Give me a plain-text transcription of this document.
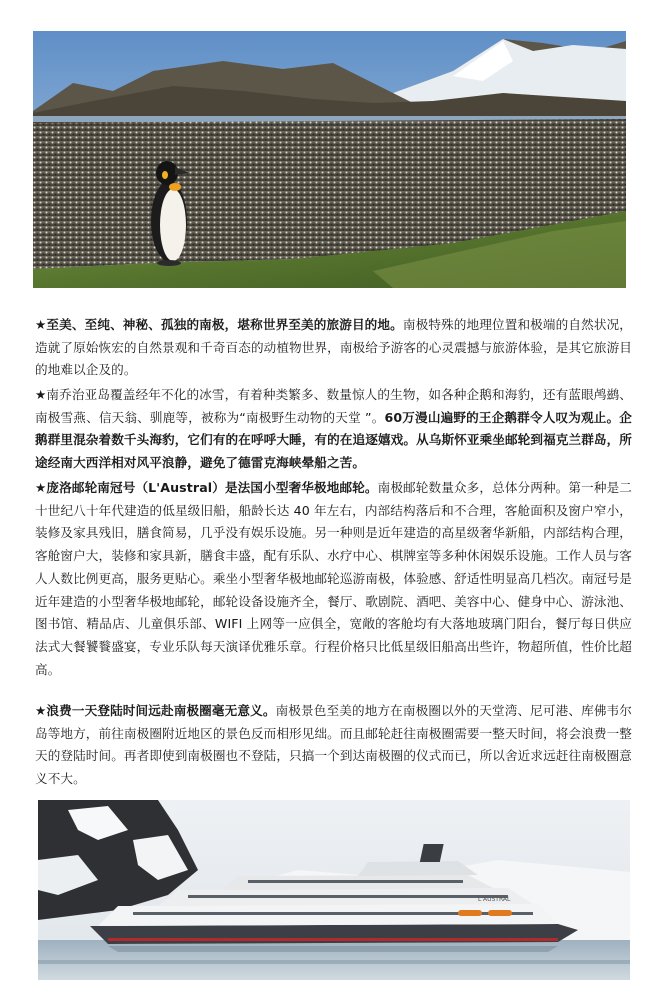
★至美、至纯、神秘、孤独的南极，堪称世界至美的旅游目的地。南极特殊的地理位置和极端的自然状况，造就了原始恢宏的自然景观和千奇百态的动植物世界，南极给予游客的心灵震撼与旅游体验，是其它旅游目的地难以企及的。

★南乔治亚岛覆盖经年不化的冰雪，有着种类繁多、数量惊人的生物，如各种企鹅和海豹，还有蓝眼鸬鹚、南极雪燕、信天翁、驯鹿等，被称为“南极野生动物的天堂 ”。60万漫山遍野的王企鹅群令人叹为观止。企鹅群里混杂着数千头海豹，它们有的在呼呼大睡，有的在追逐嬉戏。从乌斯怀亚乘坐邮轮到福克兰群岛，所途经南大西洋相对风平浪静，避免了德雷克海峡晕船之苦。

★庞洛邮轮南冠号（L'Austral）是法国小型奢华极地邮轮。南极邮轮数量众多，总体分两种。第一种是二十世纪八十年代建造的低星级旧船，船龄长达 40 年左右，内部结构落后和不合理，客舱面积及窗户窄小，装修及家具残旧，膳食简易，几乎没有娱乐设施。另一种则是近年建造的高星级奢华新船，内部结构合理，客舱窗户大，装修和家具新，膳食丰盛，配有乐队、水疗中心、棋牌室等多种休闲娱乐设施。工作人员与客人人数比例更高，服务更贴心。乘坐小型奢华极地邮轮巡游南极，体验感、舒适性明显高几档次。南冠号是近年建造的小型奢华极地邮轮，邮轮设备设施齐全，餐厅、歌剧院、酒吧、美容中心、健身中心、游泳池、图书馆、精品店、儿童俱乐部、WIFI 上网等一应俱全，宽敞的客舱均有大落地玻璃门阳台，餐厅每日供应法式大餐饕餮盛宴，专业乐队每天演译优雅乐章。行程价格只比低星级旧船高出些许，物超所值，性价比超高。

★浪费一天登陆时间远赴南极圈毫无意义。南极景色至美的地方在南极圈以外的天堂湾、尼可港、库佛韦尔岛等地方，前往南极圈附近地区的景色反而相形见绌。而且邮轮赶往南极圈需要一整天时间，将会浪费一整天的登陆时间。再者即使到南极圈也不登陆，只搞一个到达南极圈的仪式而已，所以舍近求远赶往南极圈意义不大。

L'AUSTRAL
